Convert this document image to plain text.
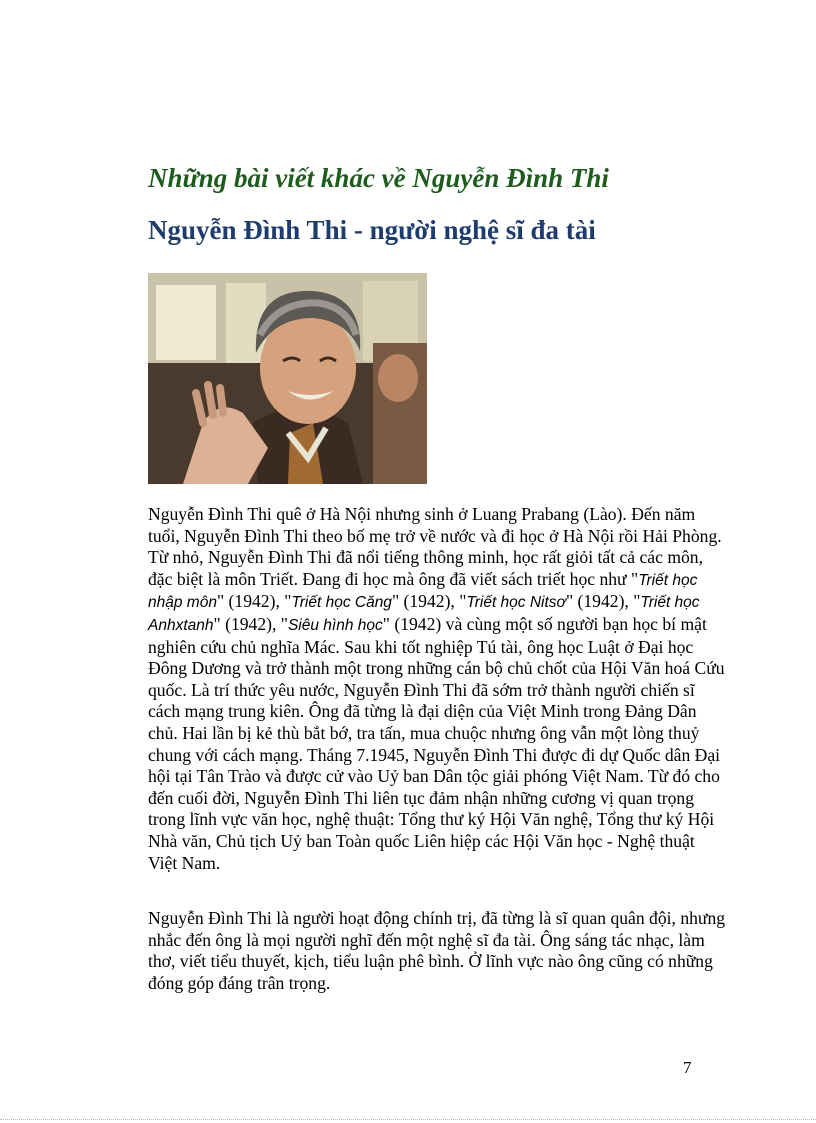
Những bài viết khác về Nguyễn Đình Thi
Nguyễn Đình Thi - người nghệ sĩ đa tài

Nguyễn Đình Thi quê ở Hà Nội nhưng sinh ở Luang Prabang (Lào). Đến năm tuổi, Nguyễn Đình Thi theo bố mẹ trở về nước và đi học ở Hà Nội rồi Hải Phòng. Từ nhỏ, Nguyễn Đình Thi đã nổi tiếng thông minh, học rất giỏi tất cả các môn, đặc biệt là môn Triết. Đang đi học mà ông đã viết sách triết học như "Triết học nhập môn" (1942), "Triết học Căng" (1942), "Triết học Nitsơ" (1942), "Triết học Anhxtanh" (1942), "Siêu hình học" (1942) và cùng một số người bạn học bí mật nghiên cứu chủ nghĩa Mác. Sau khi tốt nghiệp Tú tài, ông học Luật ở Đại học Đông Dương và trở thành một trong những cán bộ chủ chốt của Hội Văn hoá Cứu quốc. Là trí thức yêu nước, Nguyễn Đình Thi đã sớm trở thành người chiến sĩ cách mạng trung kiên. Ông đã từng là đại diện của Việt Minh trong Đảng Dân chủ. Hai lần bị kẻ thù bắt bớ, tra tấn, mua chuộc nhưng ông vẫn một lòng thuỷ chung với cách mạng. Tháng 7.1945, Nguyễn Đình Thi được đi dự Quốc dân Đại hội tại Tân Trào và được cử vào Uỷ ban Dân tộc giải phóng Việt Nam. Từ đó cho đến cuối đời, Nguyễn Đình Thi liên tục đảm nhận những cương vị quan trọng trong lĩnh vực văn học, nghệ thuật: Tổng thư ký Hội Văn nghệ, Tổng thư ký Hội Nhà văn, Chủ tịch Uỷ ban Toàn quốc Liên hiệp các Hội Văn học - Nghệ thuật Việt Nam.

Nguyễn Đình Thi là người hoạt động chính trị, đã từng là sĩ quan quân đội, nhưng nhắc đến ông là mọi người nghĩ đến một nghệ sĩ đa tài. Ông sáng tác nhạc, làm thơ, viết tiểu thuyết, kịch, tiểu luận phê bình. Ở lĩnh vực nào ông cũng có những đóng góp đáng trân trọng.

7
